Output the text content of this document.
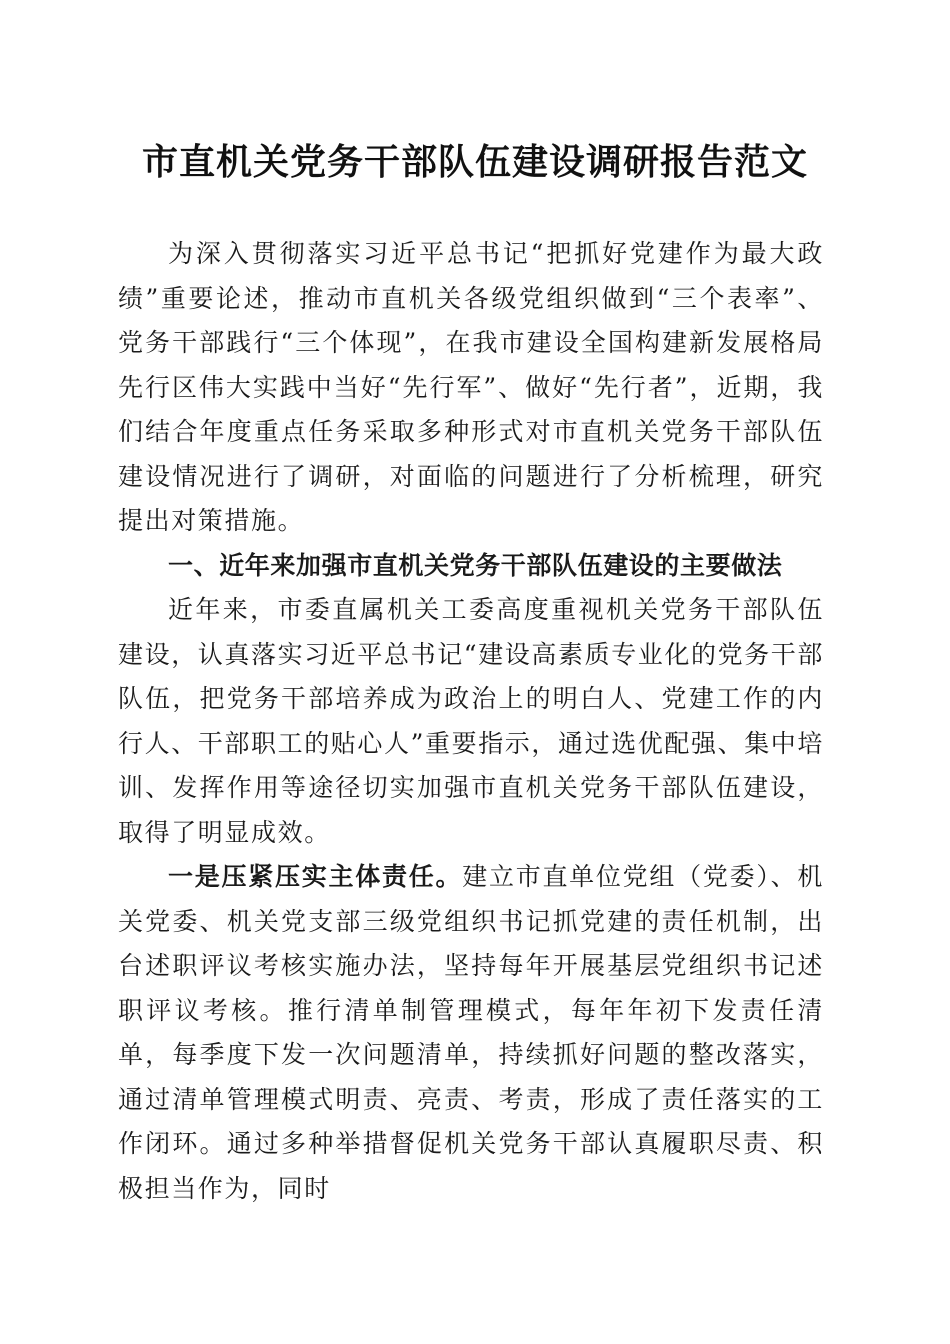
市直机关党务干部队伍建设调研报告范文

为深入贯彻落实习近平总书记“把抓好党建作为最大政绩”重要论述，推动市直机关各级党组织做到“三个表率”、党务干部践行“三个体现”，在我市建设全国构建新发展格局先行区伟大实践中当好“先行军”、做好“先行者”，近期，我们结合年度重点任务采取多种形式对市直机关党务干部队伍建设情况进行了调研，对面临的问题进行了分析梳理，研究提出对策措施。

一、近年来加强市直机关党务干部队伍建设的主要做法

近年来，市委直属机关工委高度重视机关党务干部队伍建设，认真落实习近平总书记“建设高素质专业化的党务干部队伍，把党务干部培养成为政治上的明白人、党建工作的内行人、干部职工的贴心人”重要指示，通过选优配强、集中培训、发挥作用等途径切实加强市直机关党务干部队伍建设，取得了明显成效。

一是压紧压实主体责任。建立市直单位党组（党委）、机关党委、机关党支部三级党组织书记抓党建的责任机制，出台述职评议考核实施办法，坚持每年开展基层党组织书记述职评议考核。推行清单制管理模式，每年年初下发责任清单，每季度下发一次问题清单，持续抓好问题的整改落实，通过清单管理模式明责、亮责、考责，形成了责任落实的工作闭环。通过多种举措督促机关党务干部认真履职尽责、积极担当作为，同时
